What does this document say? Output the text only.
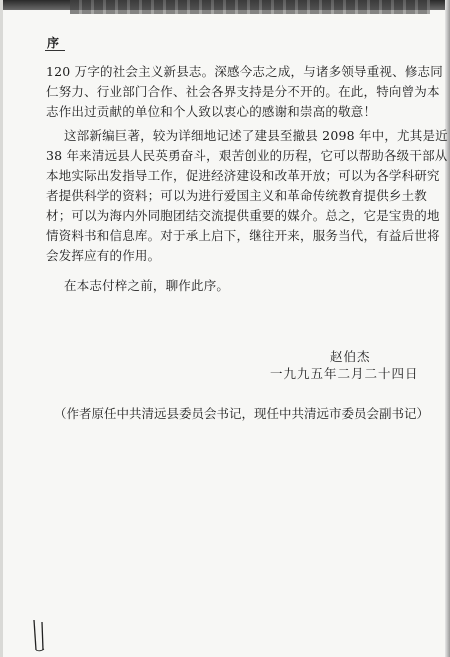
序
120 万字的社会主义新县志。深感今志之成，与诸多领导重视、修志同
仁努力、行业部门合作、社会各界支持是分不开的。在此，特向曾为本
志作出过贡献的单位和个人致以衷心的感谢和崇高的敬意！
这部新编巨著，较为详细地记述了建县至撤县 2098 年中，尤其是近
38 年来清远县人民英勇奋斗，艰苦创业的历程，它可以帮助各级干部从
本地实际出发指导工作，促进经济建设和改革开放；可以为各学科研究
者提供科学的资料；可以为进行爱国主义和革命传统教育提供乡土教
材；可以为海内外同胞团结交流提供重要的媒介。总之，它是宝贵的地
情资料书和信息库。对于承上启下，继往开来，服务当代，有益后世将
会发挥应有的作用。
在本志付梓之前，聊作此序。
赵伯杰
一九九五年二月二十四日
（作者原任中共清远县委员会书记，现任中共清远市委员会副书记）
